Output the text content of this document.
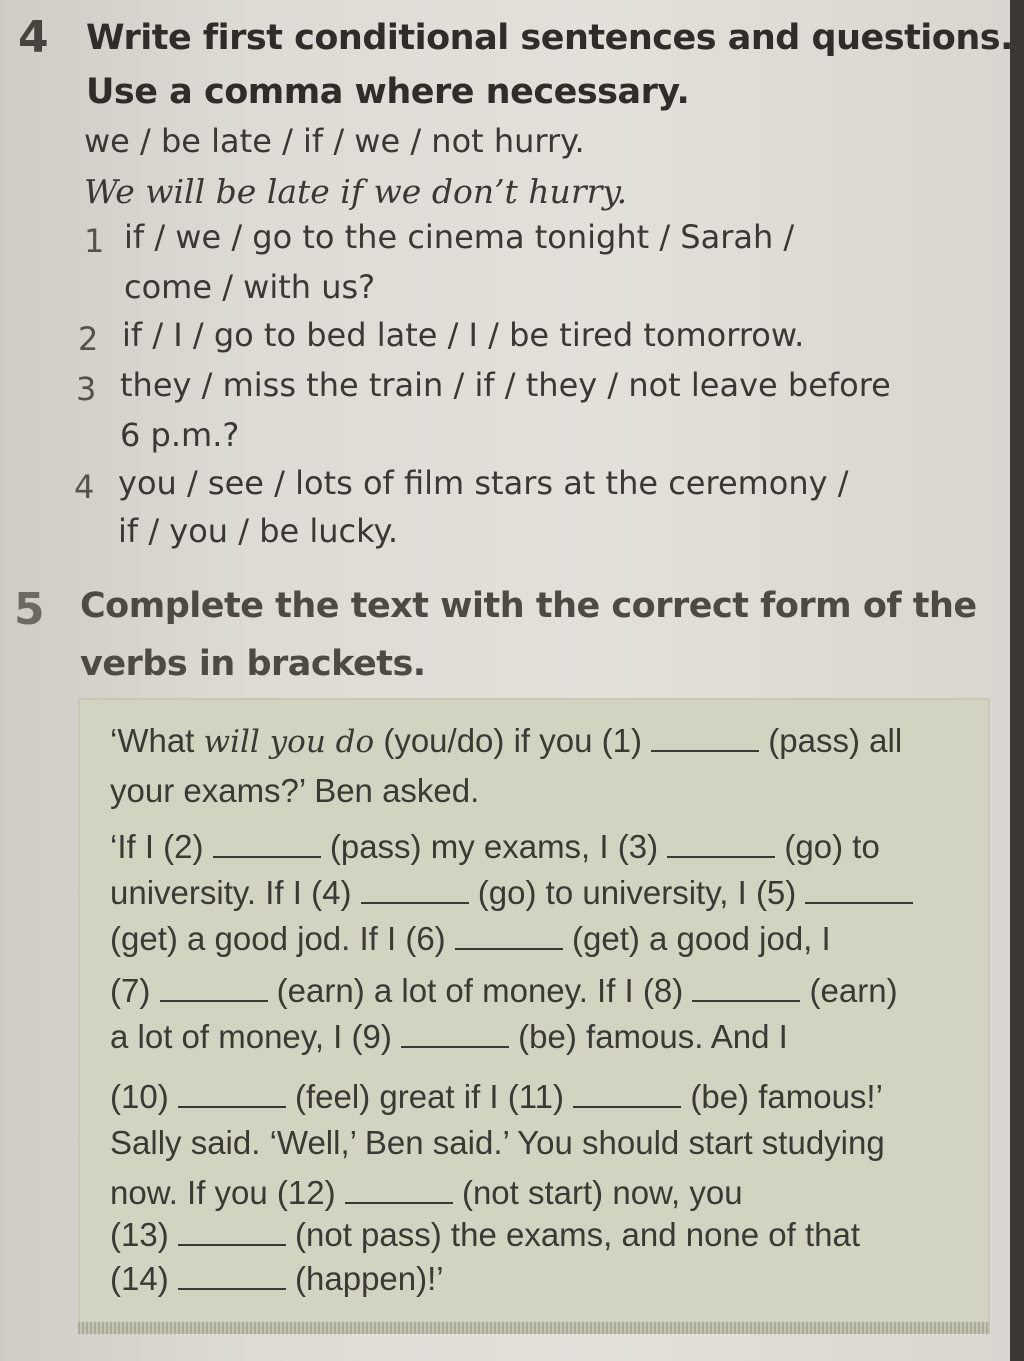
4 Write first conditional sentences and questions.
Use a comma where necessary.
we / be late / if / we / not hurry.
We will be late if we don’t hurry.
1 if / we / go to the cinema tonight / Sarah /
come / with us?
2 if / I / go to bed late / I / be tired tomorrow.
3 they / miss the train / if / they / not leave before
6 p.m.?
4 you / see / lots of film stars at the ceremony /
if / you / be lucky.
5 Complete the text with the correct form of the
verbs in brackets.
‘What will you do (you/do) if you (1)	(pass) all
your exams?’ Ben asked.
‘If I (2)	(pass) my exams, I (3)	(go) to
university. If I (4)	(go) to university, I (5)
(get) a good jod. If I (6)	(get) a good jod, I
(7)	(earn) a lot of money. If I (8)	(earn)
a lot of money, I (9)	(be) famous. And I
(10)	(feel) great if I (11)	(be) famous!’
Sally said. ‘Well,’ Ben said.’ You should start studying
now. If you (12)	(not start) now, you
(13)	(not pass) the exams, and none of that
(14)	(happen)!’
